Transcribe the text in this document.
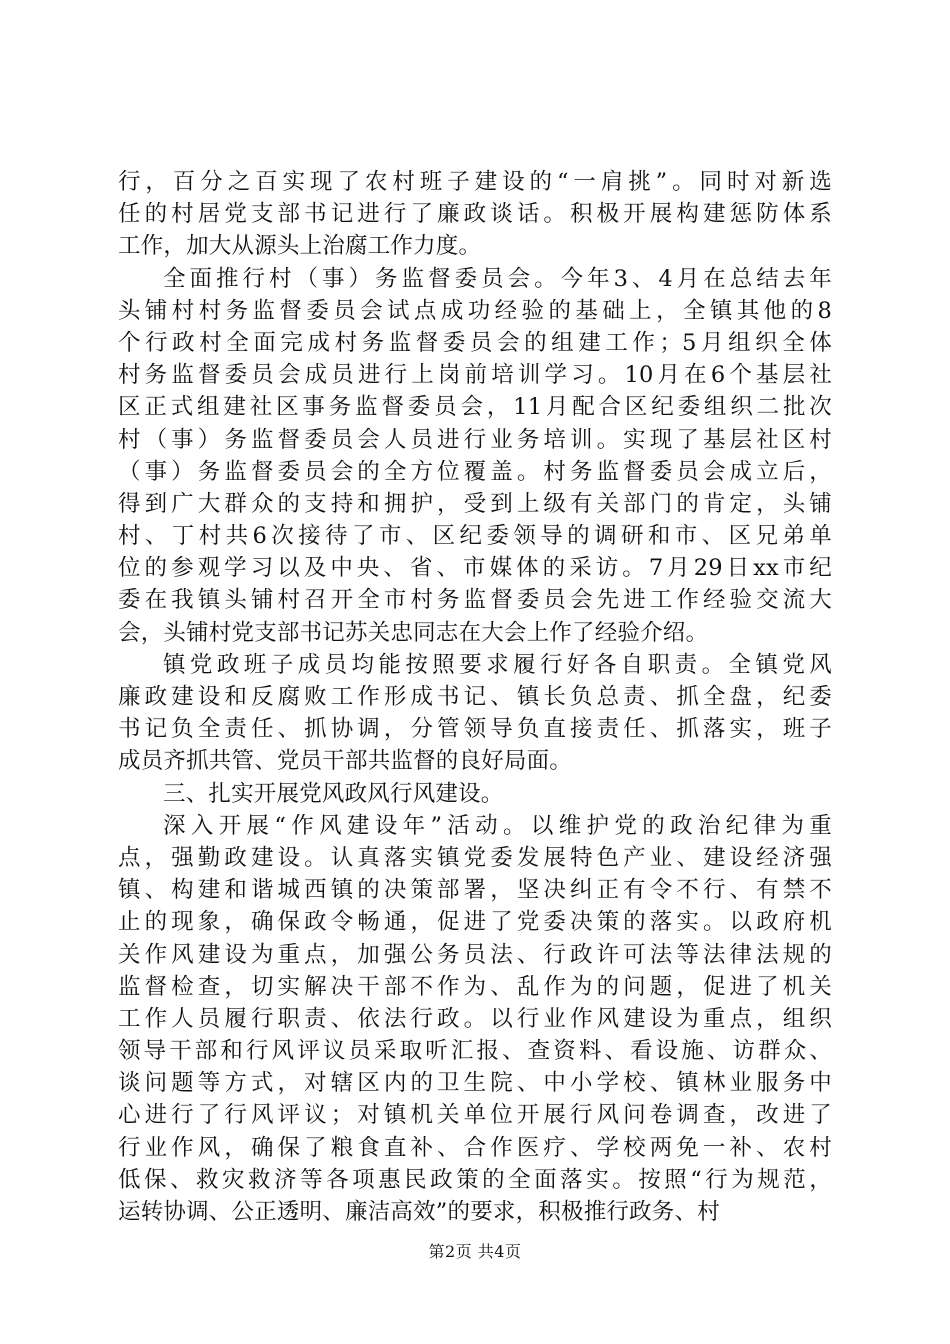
行，百分之百实现了农村班子建设的“一肩挑”。同时对新选
任的村居党支部书记进行了廉政谈话。积极开展构建惩防体系
工作，加大从源头上治腐工作力度。
全面推行村（事）务监督委员会。今年3、4月在总结去年
头铺村村务监督委员会试点成功经验的基础上，全镇其他的8
个行政村全面完成村务监督委员会的组建工作；5月组织全体
村务监督委员会成员进行上岗前培训学习。10月在6个基层社
区正式组建社区事务监督委员会，11月配合区纪委组织二批次
村（事）务监督委员会人员进行业务培训。实现了基层社区村
（事）务监督委员会的全方位覆盖。村务监督委员会成立后，
得到广大群众的支持和拥护，受到上级有关部门的肯定，头铺
村、丁村共6次接待了市、区纪委领导的调研和市、区兄弟单
位的参观学习以及中央、省、市媒体的采访。7月29日xx市纪
委在我镇头铺村召开全市村务监督委员会先进工作经验交流大
会，头铺村党支部书记苏关忠同志在大会上作了经验介绍。
镇党政班子成员均能按照要求履行好各自职责。全镇党风
廉政建设和反腐败工作形成书记、镇长负总责、抓全盘，纪委
书记负全责任、抓协调，分管领导负直接责任、抓落实，班子
成员齐抓共管、党员干部共监督的良好局面。
三、扎实开展党风政风行风建设。
深入开展“作风建设年”活动。以维护党的政治纪律为重
点，强勤政建设。认真落实镇党委发展特色产业、建设经济强
镇、构建和谐城西镇的决策部署，坚决纠正有令不行、有禁不
止的现象，确保政令畅通，促进了党委决策的落实。以政府机
关作风建设为重点，加强公务员法、行政许可法等法律法规的
监督检查，切实解决干部不作为、乱作为的问题，促进了机关
工作人员履行职责、依法行政。以行业作风建设为重点，组织
领导干部和行风评议员采取听汇报、查资料、看设施、访群众、
谈问题等方式，对辖区内的卫生院、中小学校、镇林业服务中
心进行了行风评议；对镇机关单位开展行风问卷调查，改进了
行业作风，确保了粮食直补、合作医疗、学校两免一补、农村
低保、救灾救济等各项惠民政策的全面落实。按照“行为规范，
运转协调、公正透明、廉洁高效”的要求，积极推行政务、村
第2页 共4页
